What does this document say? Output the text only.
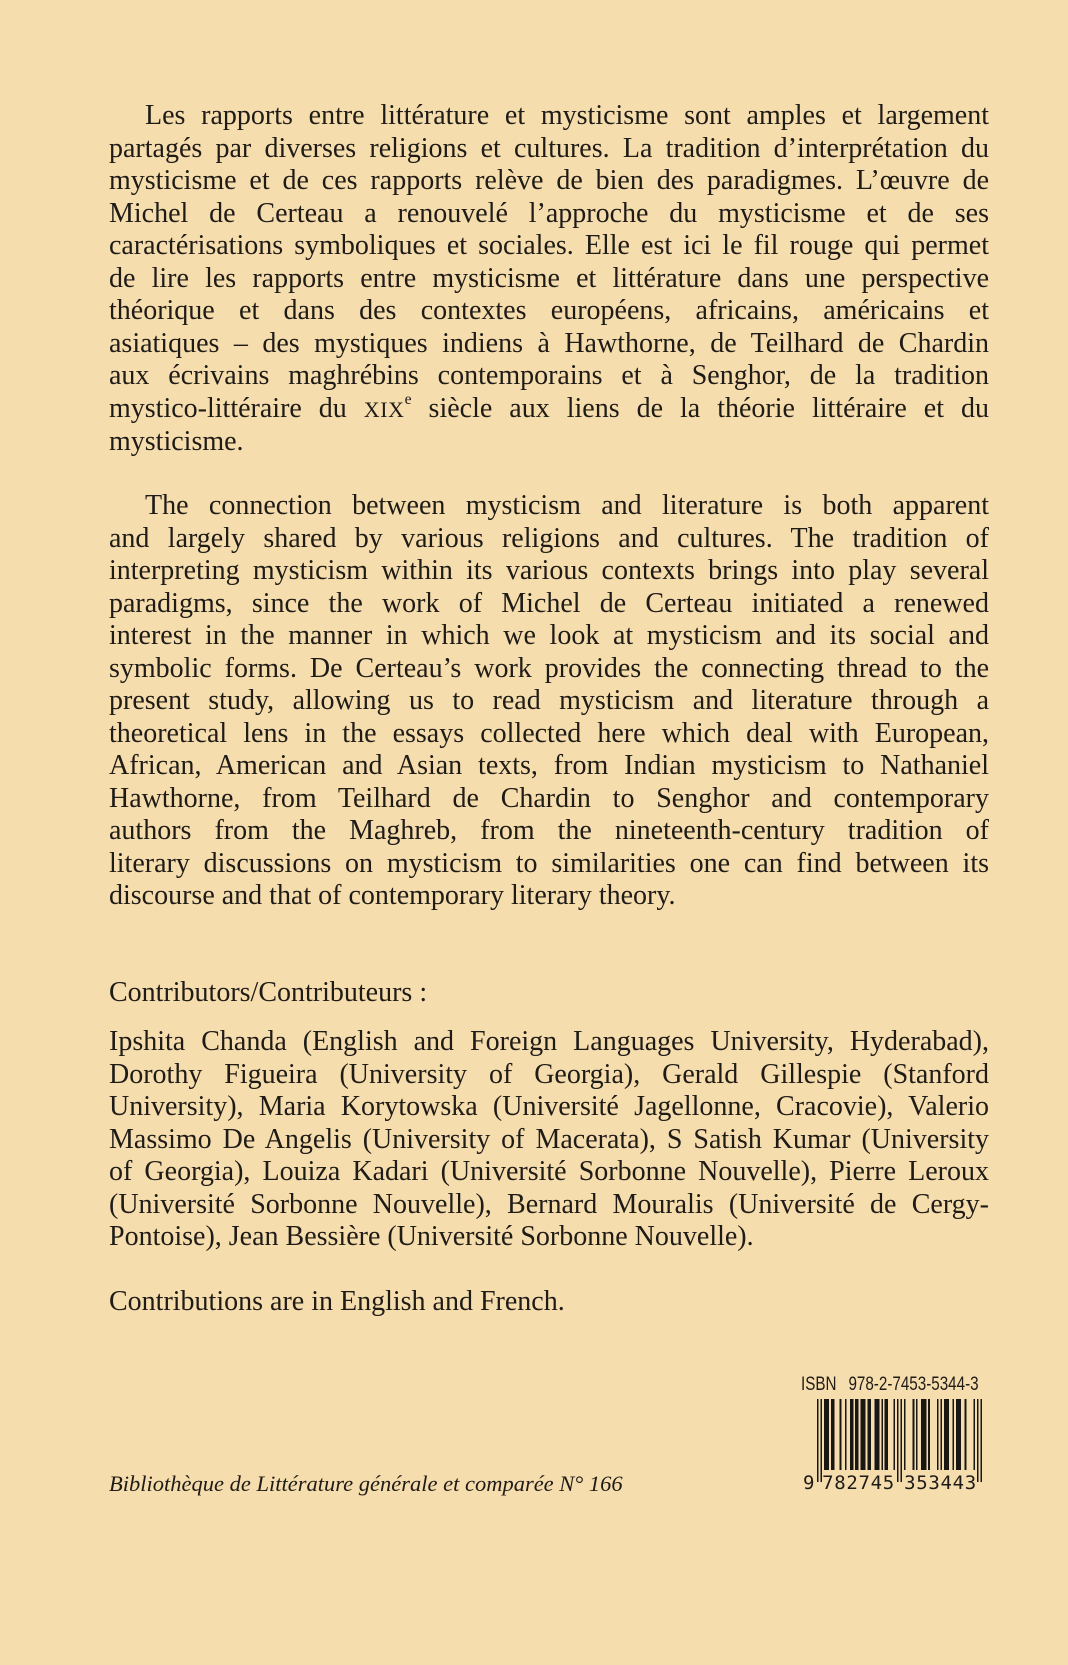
Les rapports entre littérature et mysticisme sont amples et largement
partagés par diverses religions et cultures. La tradition d’interprétation du
mysticisme et de ces rapports relève de bien des paradigmes. L’œuvre de
Michel de Certeau a renouvelé l’approche du mysticisme et de ses
caractérisations symboliques et sociales. Elle est ici le fil rouge qui permet
de lire les rapports entre mysticisme et littérature dans une perspective
théorique et dans des contextes européens, africains, américains et
asiatiques – des mystiques indiens à Hawthorne, de Teilhard de Chardin
aux écrivains maghrébins contemporains et à Senghor, de la tradition
mystico-littéraire du XIXe siècle aux liens de la théorie littéraire et du
mysticisme.
The connection between mysticism and literature is both apparent
and largely shared by various religions and cultures. The tradition of
interpreting mysticism within its various contexts brings into play several
paradigms, since the work of Michel de Certeau initiated a renewed
interest in the manner in which we look at mysticism and its social and
symbolic forms. De Certeau’s work provides the connecting thread to the
present study, allowing us to read mysticism and literature through a
theoretical lens in the essays collected here which deal with European,
African, American and Asian texts, from Indian mysticism to Nathaniel
Hawthorne, from Teilhard de Chardin to Senghor and contemporary
authors from the Maghreb, from the nineteenth-century tradition of
literary discussions on mysticism to similarities one can find between its
discourse and that of contemporary literary theory.
Contributors/Contributeurs :
Ipshita Chanda (English and Foreign Languages University, Hyderabad),
Dorothy Figueira (University of Georgia), Gerald Gillespie (Stanford
University), Maria Korytowska (Université Jagellonne, Cracovie), Valerio
Massimo De Angelis (University of Macerata), S Satish Kumar (University
of Georgia), Louiza Kadari (Université Sorbonne Nouvelle), Pierre Leroux
(Université Sorbonne Nouvelle), Bernard Mouralis (Université de Cergy-
Pontoise), Jean Bessière (Université Sorbonne Nouvelle).
Contributions are in English and French.
Bibliothèque de Littérature générale et comparée N° 166
ISBN 978-2-7453-5344-3
9 782745 353443
